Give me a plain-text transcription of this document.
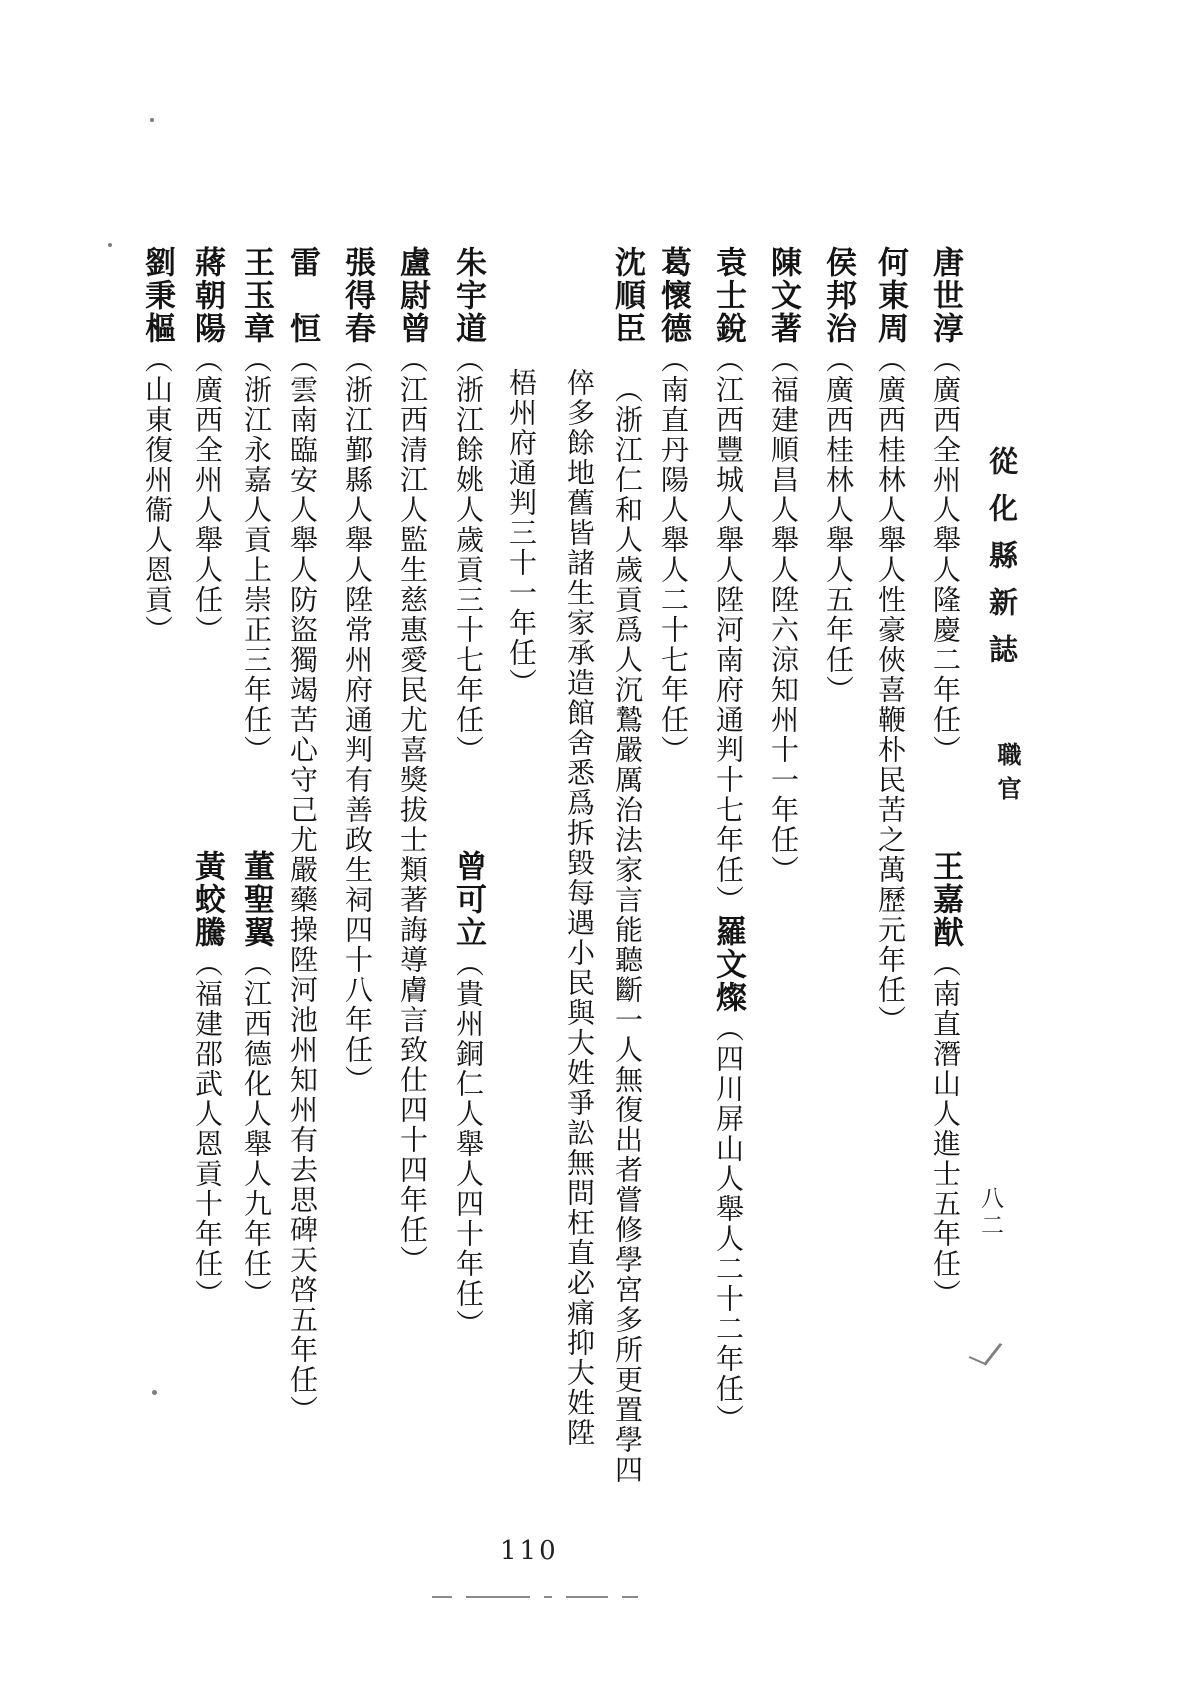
唐世淳︵廣西全州人舉人隆慶二年任︶
王嘉猷︵南直潛山人進士五年任︶
何東周︵廣西桂林人舉人性豪俠喜鞭朴民苦之萬歷元年任︶
侯邦治︵廣西桂林人舉人五年任︶
陳文著︵福建順昌人舉人陞六涼知州十一年任︶
袁士銳︵江西豐城人舉人陞河南府通判十七年任︶羅文燦︵四川屏山人舉人二十二年任︶
葛懷德︵南直丹陽人舉人二十七年任︶
沈順臣　︵浙江仁和人歲貢爲人沉鷙嚴厲治法家言能聽斷一人無復出者嘗修學宮多所更置學四
倅多餘地舊皆諸生家承造館舍悉爲拆毀每遇小民與大姓爭訟無問枉直必痛抑大姓陞
梧州府通判三十一年任︶
朱宇道︵浙江餘姚人歲貢三十七年任︶
曾可立︵貴州銅仁人舉人四十年任︶
盧尉曾︵江西清江人監生慈惠愛民尤喜獎拔士類著誨導膚言致仕四十四年任︶
張得春︵浙江鄞縣人舉人陞常州府通判有善政生祠四十八年任︶
雷　恒︵雲南臨安人舉人防盜獨竭苦心守己尤嚴藥操陞河池州知州有去思碑天啓五年任︶
王玉章︵浙江永嘉人貢上崇正三年任︶
董聖翼︵江西德化人舉人九年任︶
蔣朝陽︵廣西全州人舉人任︶
黃蛟騰︵福建邵武人恩貢十年任︶
劉秉樞︵山東復州衞人恩貢︶	從化縣新誌
職官
八二
110
